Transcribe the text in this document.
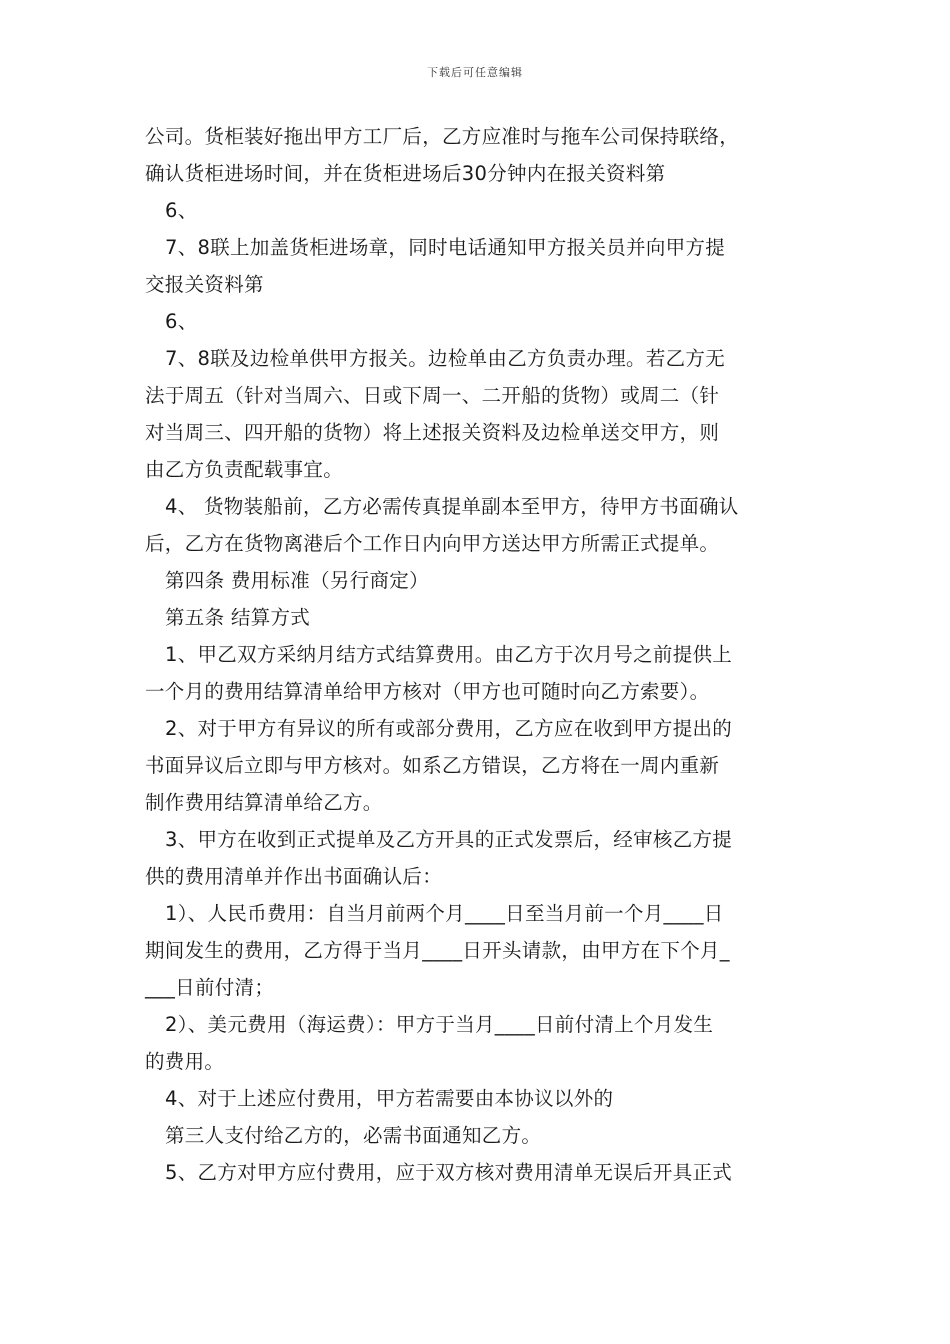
下载后可任意编辑
公司。货柜装好拖出甲方工厂后，乙方应准时与拖车公司保持联络，
确认货柜进场时间，并在货柜进场后30分钟内在报关资料第
6、
7、8联上加盖货柜进场章，同时电话通知甲方报关员并向甲方提
交报关资料第
6、
7、8联及边检单供甲方报关。边检单由乙方负责办理。若乙方无
法于周五（针对当周六、日或下周一、二开船的货物）或周二（针
对当周三、四开船的货物）将上述报关资料及边检单送交甲方，则
由乙方负责配载事宜。
4、 货物装船前，乙方必需传真提单副本至甲方，待甲方书面确认
后，乙方在货物离港后个工作日内向甲方送达甲方所需正式提单。
第四条 费用标准（另行商定）
第五条 结算方式
1、甲乙双方采纳月结方式结算费用。由乙方于次月号之前提供上
一个月的费用结算清单给甲方核对（甲方也可随时向乙方索要）。
2、对于甲方有异议的所有或部分费用，乙方应在收到甲方提出的
书面异议后立即与甲方核对。如系乙方错误，乙方将在一周内重新
制作费用结算清单给乙方。
3、甲方在收到正式提单及乙方开具的正式发票后，经审核乙方提
供的费用清单并作出书面确认后：
1）、人民币费用：自当月前两个月____日至当月前一个月____日
期间发生的费用，乙方得于当月____日开头请款，由甲方在下个月_
___日前付清；
2）、美元费用（海运费）：甲方于当月____日前付清上个月发生
的费用。
4、对于上述应付费用，甲方若需要由本协议以外的
第三人支付给乙方的，必需书面通知乙方。
5、乙方对甲方应付费用，应于双方核对费用清单无误后开具正式
